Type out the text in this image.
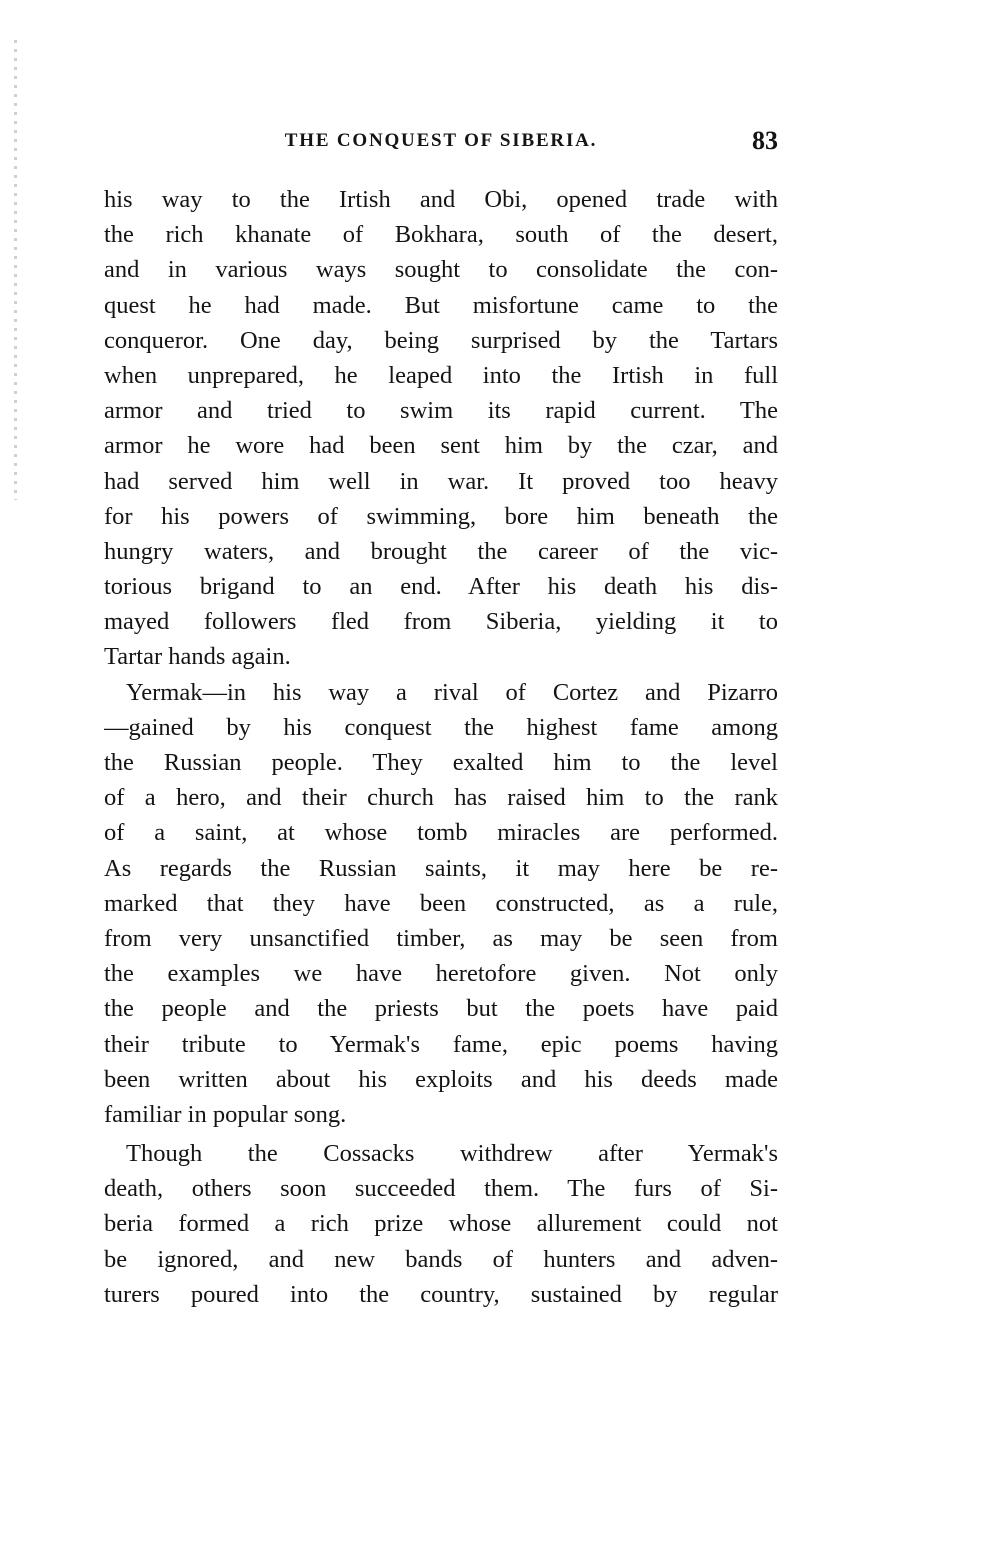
THE CONQUEST OF SIBERIA.	83
his way to the Irtish and Obi, opened trade with
the rich khanate of Bokhara, south of the desert,
and in various ways sought to consolidate the con-
quest he had made. But misfortune came to the
conqueror. One day, being surprised by the Tartars
when unprepared, he leaped into the Irtish in full
armor and tried to swim its rapid current. The
armor he wore had been sent him by the czar, and
had served him well in war. It proved too heavy
for his powers of swimming, bore him beneath the
hungry waters, and brought the career of the vic-
torious brigand to an end. After his death his dis-
mayed followers fled from Siberia, yielding it to
Tartar hands again.
Yermak—in his way a rival of Cortez and Pizarro
—gained by his conquest the highest fame among
the Russian people. They exalted him to the level
of a hero, and their church has raised him to the rank
of a saint, at whose tomb miracles are performed.
As regards the Russian saints, it may here be re-
marked that they have been constructed, as a rule,
from very unsanctified timber, as may be seen from
the examples we have heretofore given. Not only
the people and the priests but the poets have paid
their tribute to Yermak's fame, epic poems having
been written about his exploits and his deeds made
familiar in popular song.
Though the Cossacks withdrew after Yermak's
death, others soon succeeded them. The furs of Si-
beria formed a rich prize whose allurement could not
be ignored, and new bands of hunters and adven-
turers poured into the country, sustained by regular
